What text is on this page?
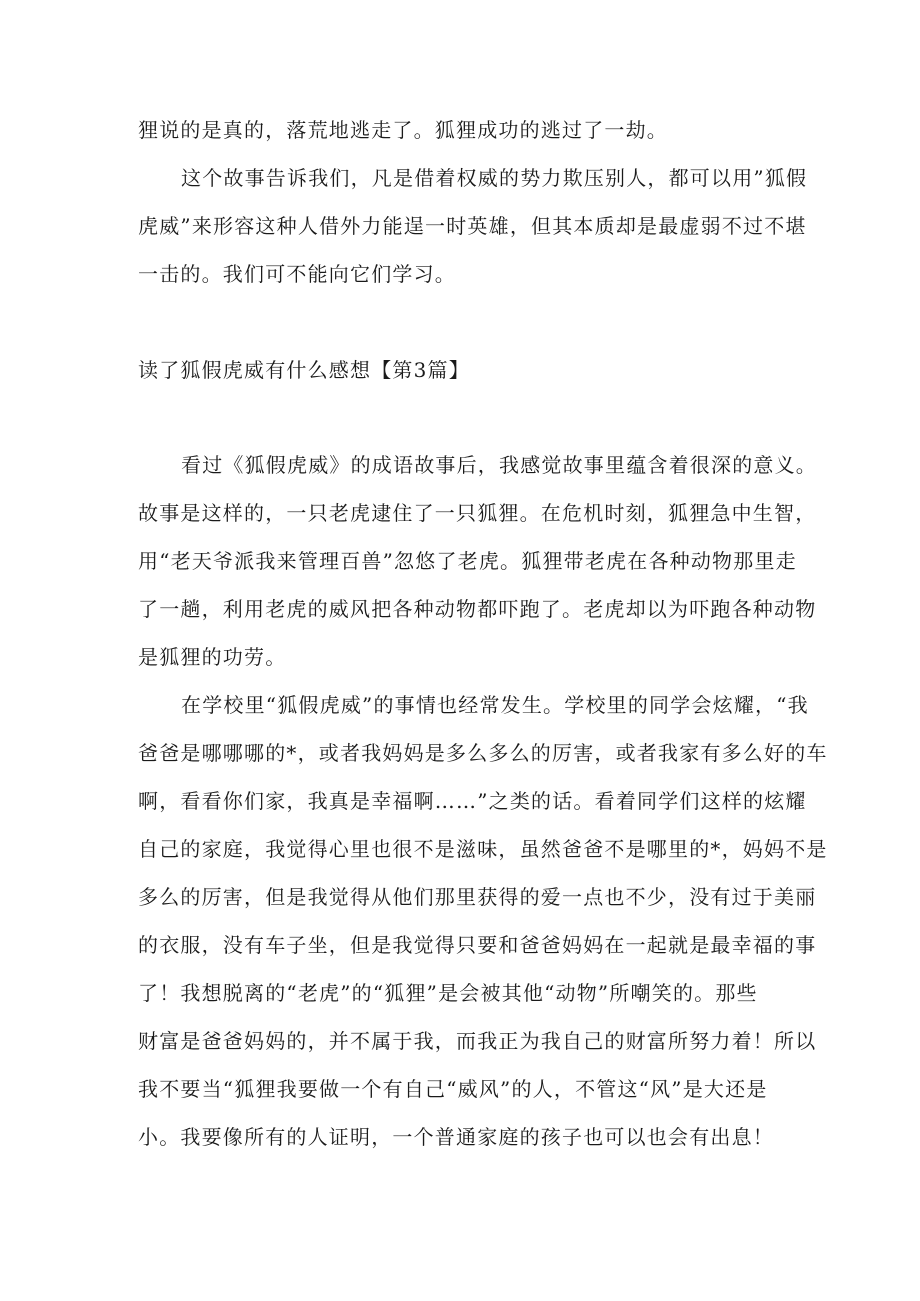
狸说的是真的，落荒地逃走了。狐狸成功的逃过了一劫。
这个故事告诉我们，凡是借着权威的势力欺压别人，都可以用”狐假
虎威”来形容这种人借外力能逞一时英雄，但其本质却是最虚弱不过不堪
一击的。我们可不能向它们学习。
读了狐假虎威有什么感想【第3篇】
看过《狐假虎威》的成语故事后，我感觉故事里蕴含着很深的意义。
故事是这样的，一只老虎逮住了一只狐狸。在危机时刻，狐狸急中生智，
用“老天爷派我来管理百兽”忽悠了老虎。狐狸带老虎在各种动物那里走
了一趟，利用老虎的威风把各种动物都吓跑了。老虎却以为吓跑各种动物
是狐狸的功劳。
在学校里“狐假虎威”的事情也经常发生。学校里的同学会炫耀，“我
爸爸是哪哪哪的*，或者我妈妈是多么多么的厉害，或者我家有多么好的车
啊，看看你们家，我真是幸福啊……”之类的话。看着同学们这样的炫耀
自己的家庭，我觉得心里也很不是滋味，虽然爸爸不是哪里的*，妈妈不是
多么的厉害，但是我觉得从他们那里获得的爱一点也不少，没有过于美丽
的衣服，没有车子坐，但是我觉得只要和爸爸妈妈在一起就是最幸福的事
了！我想脱离的“老虎”的“狐狸”是会被其他“动物”所嘲笑的。那些
财富是爸爸妈妈的，并不属于我，而我正为我自己的财富所努力着！所以
我不要当“狐狸我要做一个有自己“威风”的人，不管这“风”是大还是
小。我要像所有的人证明，一个普通家庭的孩子也可以也会有出息！
